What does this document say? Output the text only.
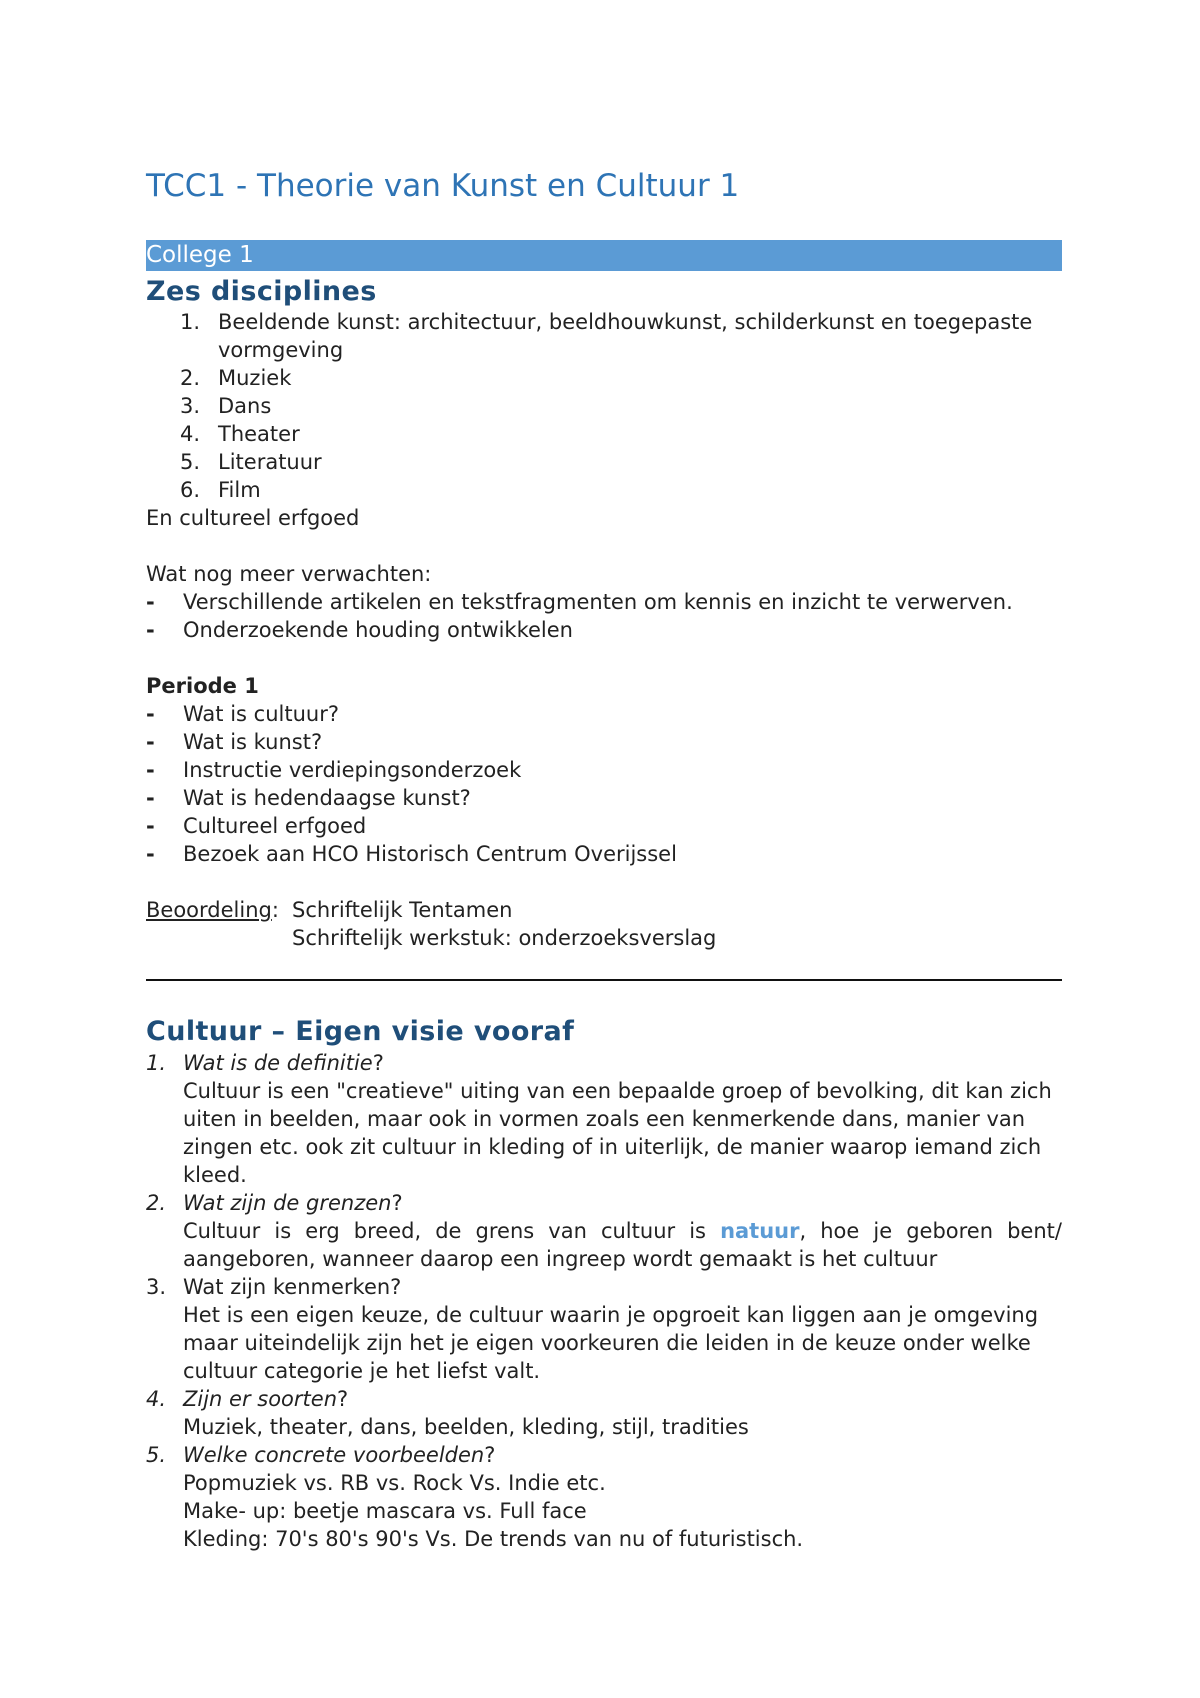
TCC1 - Theorie van Kunst en Cultuur 1
College 1
Zes disciplines
1. Beeldende kunst: architectuur, beeldhouwkunst, schilderkunst en toegepaste
vormgeving
2. Muziek
3. Dans
4. Theater
5. Literatuur
6. Film
En cultureel erfgoed
Wat nog meer verwachten:
- Verschillende artikelen en tekstfragmenten om kennis en inzicht te verwerven.
- Onderzoekende houding ontwikkelen
Periode 1
- Wat is cultuur?
- Wat is kunst?
- Instructie verdiepingsonderzoek
- Wat is hedendaagse kunst?
- Cultureel erfgoed
- Bezoek aan HCO Historisch Centrum Overijssel
Beoordeling: Schriftelijk Tentamen
Schriftelijk werkstuk: onderzoeksverslag
Cultuur – Eigen visie vooraf
1. Wat is de definitie?
Cultuur is een "creatieve" uiting van een bepaalde groep of bevolking, dit kan zich
uiten in beelden, maar ook in vormen zoals een kenmerkende dans, manier van
zingen etc. ook zit cultuur in kleding of in uiterlijk, de manier waarop iemand zich
kleed.
2. Wat zijn de grenzen?
Cultuur is erg breed, de grens van cultuur is natuur, hoe je geboren bent/
aangeboren, wanneer daarop een ingreep wordt gemaakt is het cultuur
3. Wat zijn kenmerken?
Het is een eigen keuze, de cultuur waarin je opgroeit kan liggen aan je omgeving
maar uiteindelijk zijn het je eigen voorkeuren die leiden in de keuze onder welke
cultuur categorie je het liefst valt.
4. Zijn er soorten?
Muziek, theater, dans, beelden, kleding, stijl, tradities
5. Welke concrete voorbeelden?
Popmuziek vs. RB vs. Rock Vs. Indie etc.
Make- up: beetje mascara vs. Full face
Kleding: 70's 80's 90's Vs. De trends van nu of futuristisch.
